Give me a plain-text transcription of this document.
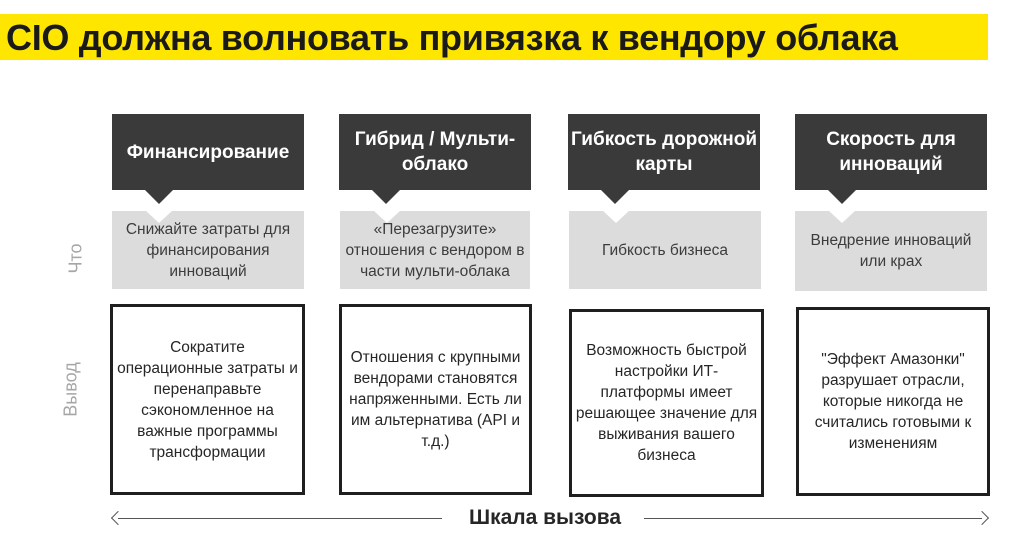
CIO должна волновать привязка к вендору облака
Что
Вывод
Финансирование
Снижайте затраты для финансирования инноваций
Сократите операционные затраты и перенаправьте сэкономленное на важные программы трансформации
Гибрид / Мульти-облако
«Перезагрузите» отношения с вендором в части мульти-облака
Отношения с крупными вендорами становятся напряженными. Есть ли им альтернатива (API и т.д.)
Гибкость дорожной карты
Гибкость бизнеса
Возможность быстрой настройки ИТ-платформы имеет решающее значение для выживания вашего бизнеса
Скорость для инноваций
Внедрение инноваций или крах
"Эффект Амазонки" разрушает отрасли, которые никогда не считались готовыми к изменениям
Шкала вызова
